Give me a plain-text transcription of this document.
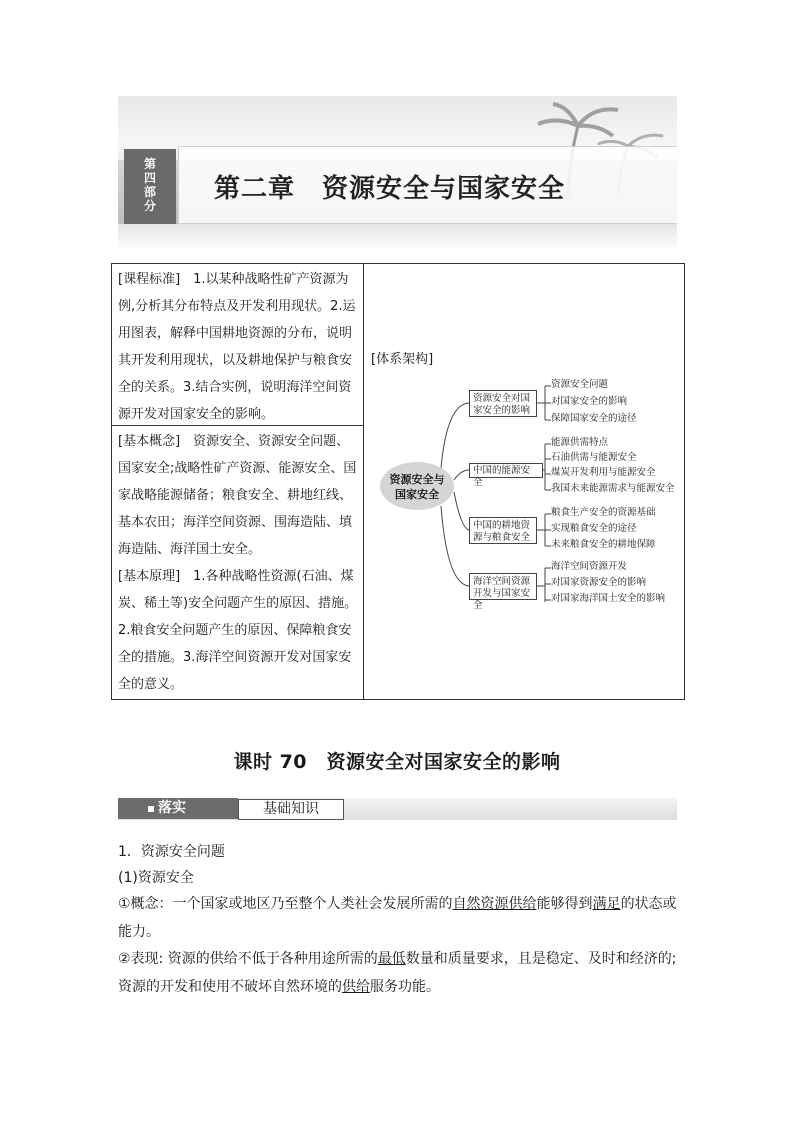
第
四
部
分
第二章　资源安全与国家安全
[课程标准]　1.以某种战略性矿产资源为例,分析其分布特点及开发利用现状。2.运用图表，解释中国耕地资源的分布，说明其开发利用现状，以及耕地保护与粮食安全的关系。3.结合实例，说明海洋空间资源开发对国家安全的影响。
[基本概念]　资源安全、资源安全问题、国家安全;战略性矿产资源、能源安全、国家战略能源储备；粮食安全、耕地红线、基本农田；海洋空间资源、围海造陆、填海造陆、海洋国土安全。
[基本原理]　1.各种战略性资源(石油、煤炭、稀土等)安全问题产生的原因、措施。2.粮食安全问题产生的原因、保障粮食安全的措施。3.海洋空间资源开发对国家安全的意义。
[体系架构]
资源安全与
国家安全
资源安全对国家安全的影响
资源安全问题
对国家安全的影响
保障国家安全的途径
中国的能源安全
能源供需特点
石油供需与能源安全
煤炭开发利用与能源安全
我国未来能源需求与能源安全
中国的耕地资源与粮食安全
粮食生产安全的资源基础
实现粮食安全的途径
未来粮食安全的耕地保障
海洋空间资源开发与国家安全
海洋空间资源开发
对国家资源安全的影响
对国家海洋国土安全的影响
课时 70　资源安全对国家安全的影响
落实	基础知识
1．资源安全问题
(1)资源安全
①概念：一个国家或地区乃至整个人类社会发展所需的自然资源供给能够得到满足的状态或能力。
②表现: 资源的供给不低于各种用途所需的最低数量和质量要求，且是稳定、及时和经济的;资源的开发和使用不破坏自然环境的供给服务功能。
